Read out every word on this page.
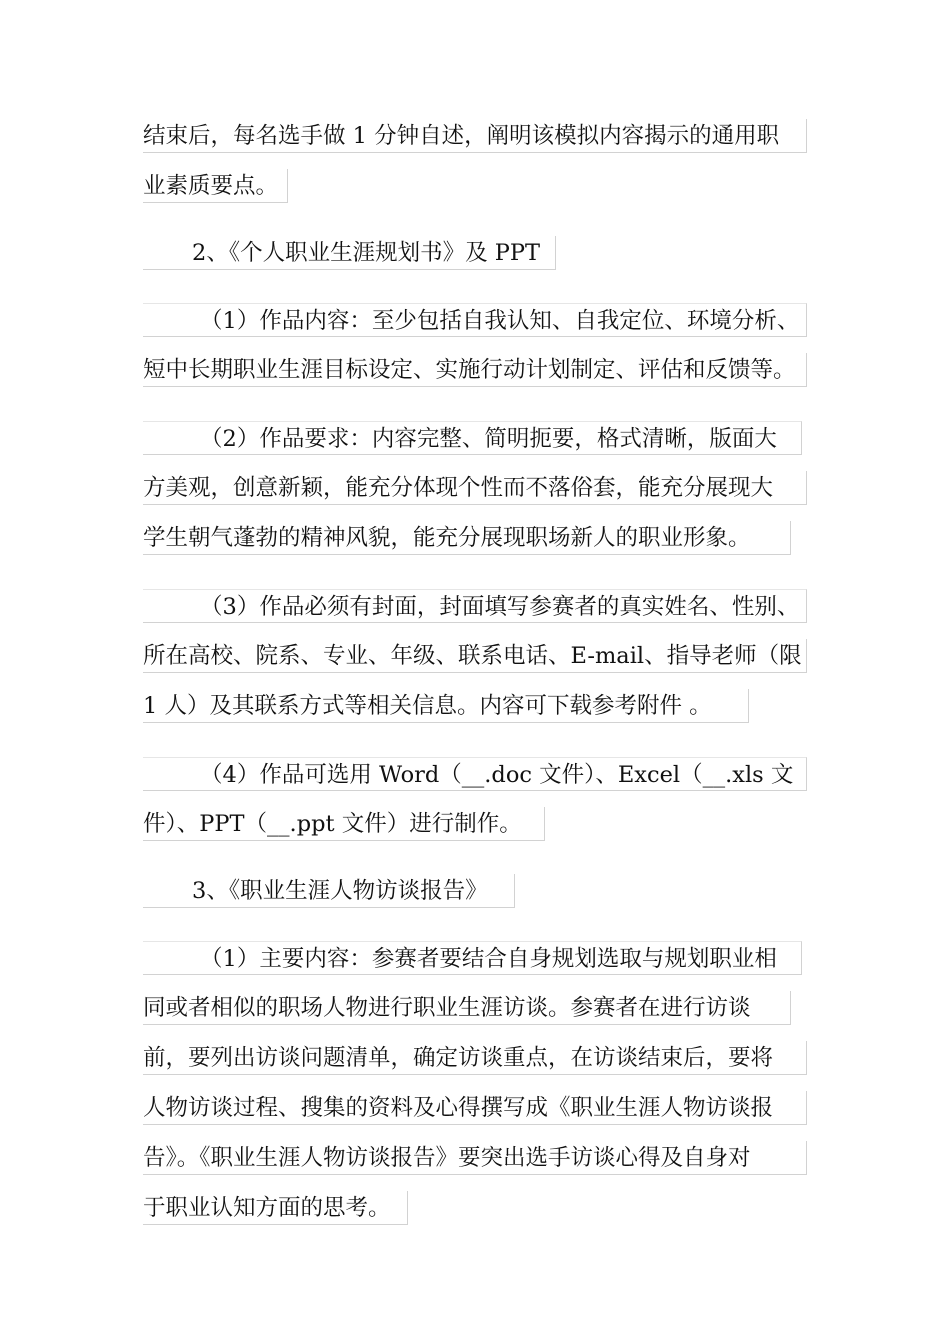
结束后，每名选手做 1 分钟自述，阐明该模拟内容揭示的通用职
业素质要点。
2、《个人职业生涯规划书》及 PPT
（1）作品内容：至少包括自我认知、自我定位、环境分析、
短中长期职业生涯目标设定、实施行动计划制定、评估和反馈等。
（2）作品要求：内容完整、简明扼要，格式清晰，版面大
方美观，创意新颖，能充分体现个性而不落俗套，能充分展现大
学生朝气蓬勃的精神风貌，能充分展现职场新人的职业形象。
（3）作品必须有封面，封面填写参赛者的真实姓名、性别、
所在高校、院系、专业、年级、联系电话、E-mail、指导老师（限
1 人）及其联系方式等相关信息。内容可下载参考附件 。
（4）作品可选用 Word（__.doc 文件）、Excel（__.xls 文
件）、PPT（__.ppt 文件）进行制作。
3、《职业生涯人物访谈报告》
（1）主要内容：参赛者要结合自身规划选取与规划职业相
同或者相似的职场人物进行职业生涯访谈。参赛者在进行访谈
前，要列出访谈问题清单，确定访谈重点，在访谈结束后，要将
人物访谈过程、搜集的资料及心得撰写成《职业生涯人物访谈报
告》。《职业生涯人物访谈报告》要突出选手访谈心得及自身对
于职业认知方面的思考。
